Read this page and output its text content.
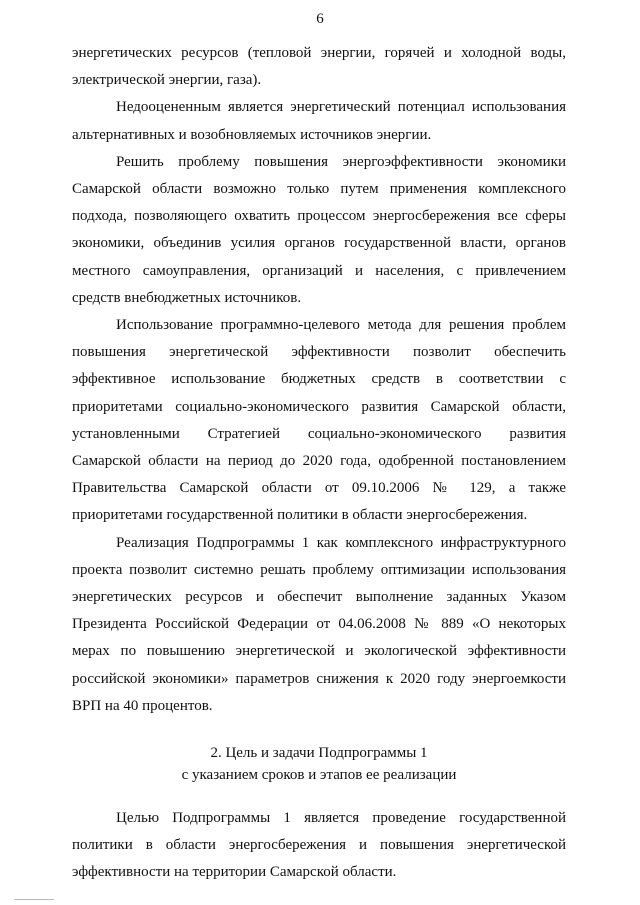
6

энергетических ресурсов (тепловой энергии, горячей и холодной воды, электрической энергии, газа).

Недооцененным является энергетический потенциал использования альтернативных и возобновляемых источников энергии.

Решить проблему повышения энергоэффективности экономики Самарской области возможно только путем применения комплексного подхода, позволяющего охватить процессом энергосбережения все сферы экономики, объединив усилия органов государственной власти, органов местного самоуправления, организаций и населения, с привлечением средств внебюджетных источников.

Использование программно-целевого метода для решения проблем повышения энергетической эффективности позволит обеспечить эффективное использование бюджетных средств в соответствии с приоритетами социально-экономического развития Самарской области, установленными Стратегией социально-экономического развития Самарской области на период до 2020 года, одобренной постановлением Правительства Самарской области от 09.10.2006 № 129, а также приоритетами государственной политики в области энергосбережения.

Реализация Подпрограммы 1 как комплексного инфраструктурного проекта позволит системно решать проблему оптимизации использования энергетических ресурсов и обеспечит выполнение заданных Указом Президента Российской Федерации от 04.06.2008 № 889 «О некоторых мерах по повышению энергетической и экологической эффективности российской экономики» параметров снижения к 2020 году энергоемкости ВРП на 40 процентов.

2. Цель и задачи Подпрограммы 1
с указанием сроков и этапов ее реализации

Целью Подпрограммы 1 является проведение государственной политики в области энергосбережения и повышения энергетической эффективности на территории Самарской области.
